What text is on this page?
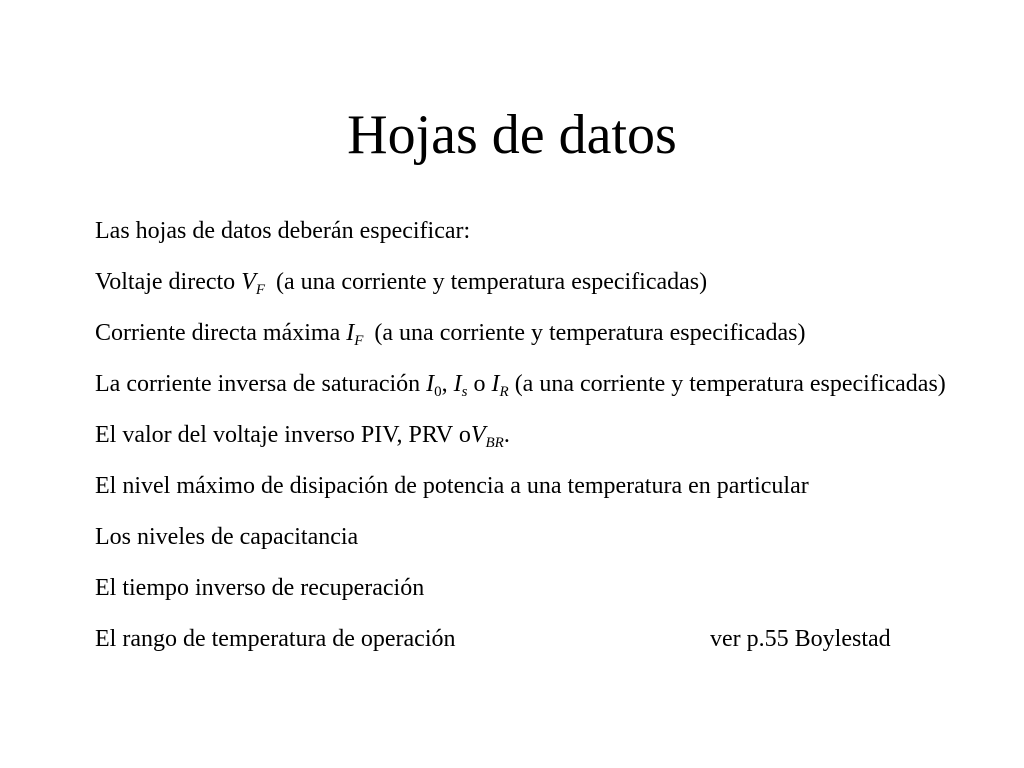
Hojas de datos
Las hojas de datos deberán especificar:
Voltaje directo $V_F$ (a una corriente y temperatura especificadas)
Corriente directa máxima $I_F$ (a una corriente y temperatura especificadas)
La corriente inversa de saturación $I_0$, $I_s$ o $I_R$ (a una corriente y temperatura especificadas)
El valor del voltaje inverso PIV, PRV $oV_{BR}$.
El nivel máximo de disipación de potencia a una temperatura en particular
Los niveles de capacitancia
El tiempo inverso de recuperación
El rango de temperatura de operación	ver p.55 Boylestad
